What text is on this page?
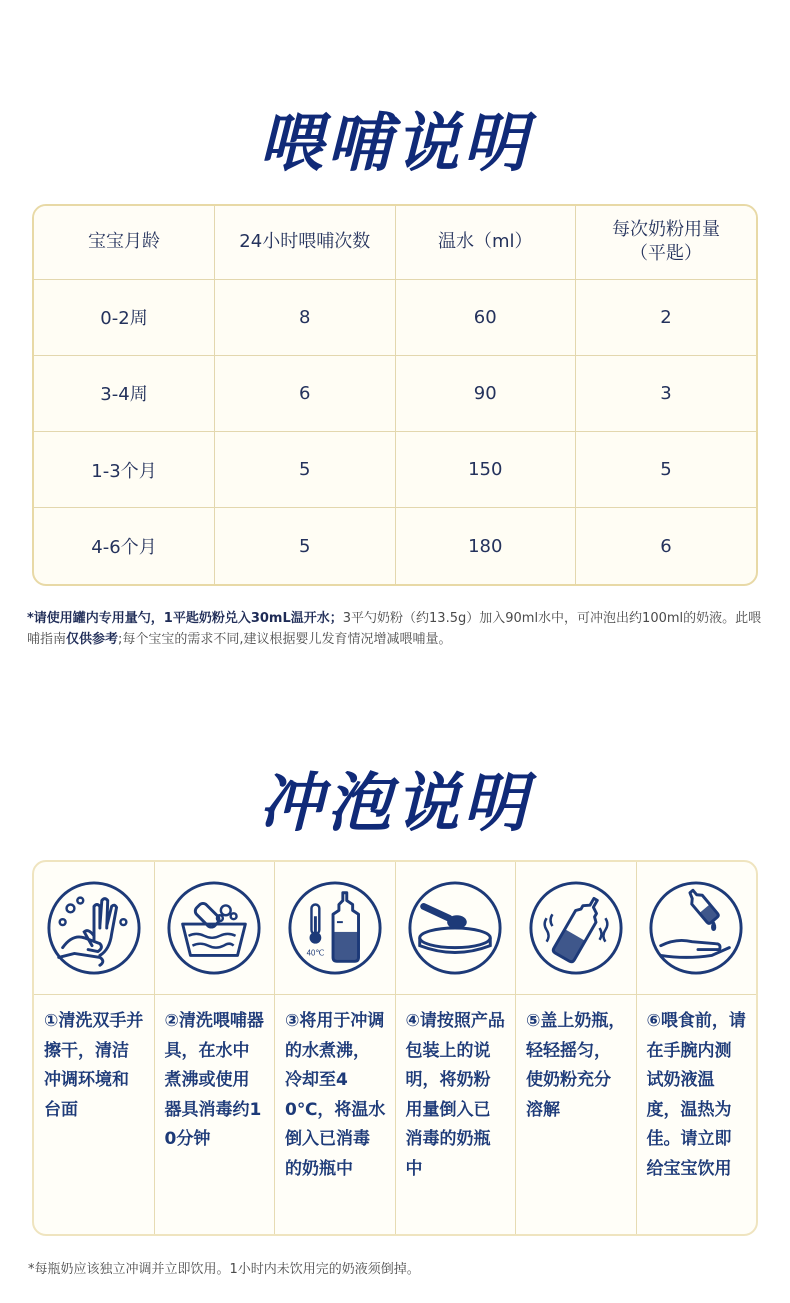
喂哺说明
宝宝月龄	24小时喂哺次数	温水（ml）	每次奶粉用量
（平匙）

0-2周	8	60	2
3-4周	6	90	3
1-3个月	5	150	5
4-6个月	5	180	6
*请使用罐内专用量勺，1平匙奶粉兑入30mL温开水；3平勺奶粉（约13.5g）加入90ml水中，可冲泡出约100ml的奶液。此喂哺指南仅供参考;每个宝宝的需求不同,建议根据婴儿发育情况增减喂哺量。
冲泡说明
①清洗双手并擦干，清洁冲调环境和台面
②清洗喂哺器具，在水中煮沸或使用器具消毒约10分钟
40℃
③将用于冲调的水煮沸，冷却至40℃，将温水倒入已消毒的奶瓶中
④请按照产品包装上的说明，将奶粉用量倒入已消毒的奶瓶中
⑤盖上奶瓶，轻轻摇匀，使奶粉充分溶解
⑥喂食前，请在手腕内测试奶液温度，温热为佳。请立即给宝宝饮用
*每瓶奶应该独立冲调并立即饮用。1小时内未饮用完的奶液须倒掉。
